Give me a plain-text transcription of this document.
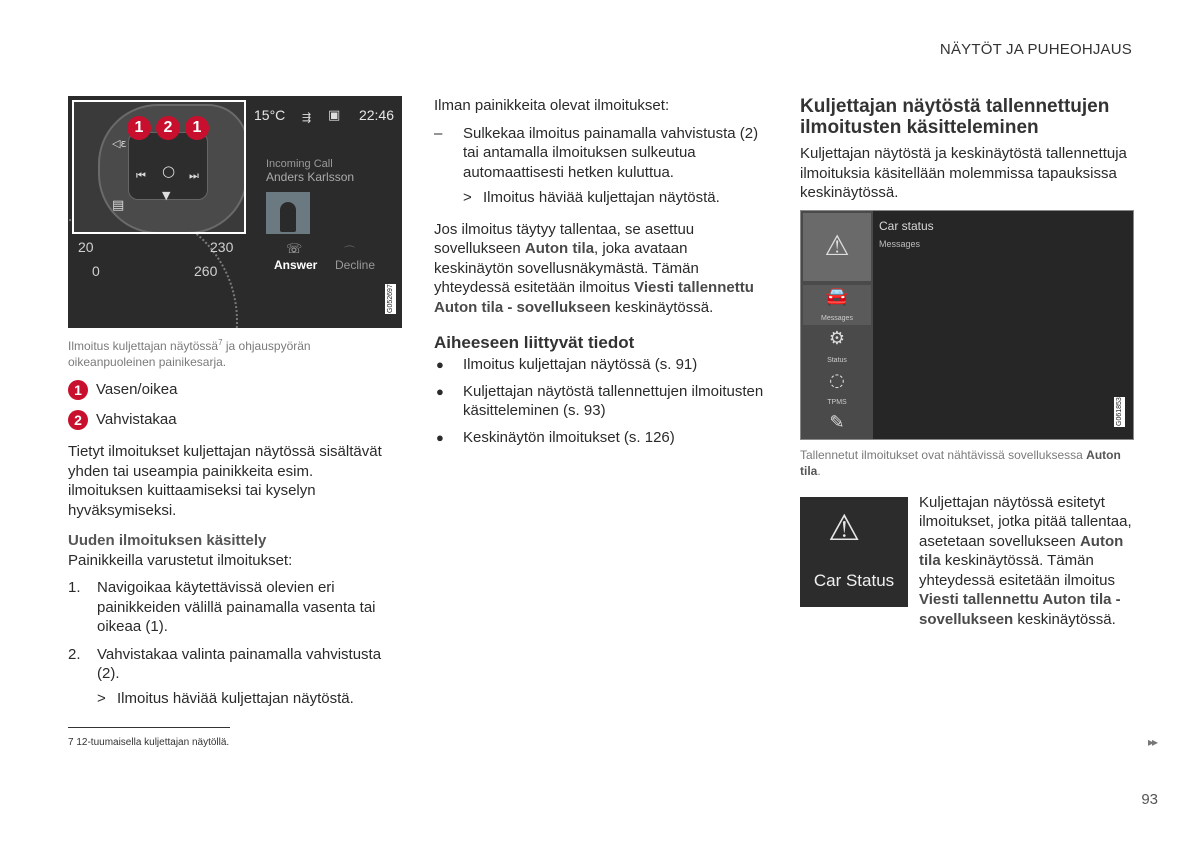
NÄYTÖT JA PUHEOHJAUS
◁ε
⏮ ○ ⏭
▼
▤
1	2	1
15°C ⇶ ▣ 22:46
Incoming Call
Anders Karlsson
☏	⌒
Answer Decline
20
0
230
260
G052697
Ilmoitus kuljettajan näytössä$^7$ ja ohjauspyörän oikeanpuoleinen painikesarja.
1 Vasen/oikea
2 Vahvistakaa

Tietyt ilmoitukset kuljettajan näytössä sisältävät yhden tai useampia painikkeita esim. ilmoituksen kuittaamiseksi tai kyselyn hyväksymiseksi.

Uuden ilmoituksen käsittely
Painikkeilla varustetut ilmoitukset:
1. Navigoikaa käytettävissä olevien eri painikkeiden välillä painamalla vasenta tai oikeaa (1).
2. Vahvistakaa valinta painamalla vahvistusta (2).
> Ilmoitus häviää kuljettajan näytöstä.
Ilman painikkeita olevat ilmoitukset:
– Sulkekaa ilmoitus painamalla vahvistusta (2) tai antamalla ilmoituksen sulkeutua automaattisesti hetken kuluttua.
> Ilmoitus häviää kuljettajan näytöstä.

Jos ilmoitus täytyy tallentaa, se asettuu sovellukseen Auton tila, joka avataan keskinäytön sovellusnäkymästä. Tämän yhteydessä esitetään ilmoitus Viesti tallennettu Auton tila - sovellukseen keskinäytössä.

Aiheeseen liittyvät tiedot
● Ilmoitus kuljettajan näytössä (s. 91)
● Kuljettajan näytöstä tallennettujen ilmoitusten käsitteleminen (s. 93)
● Keskinäytön ilmoitukset (s. 126)
Kuljettajan näytöstä tallennettujen ilmoitusten käsitteleminen

Kuljettajan näytöstä ja keskinäytöstä tallennettuja ilmoituksia käsitellään molemmissa tapauksissa keskinäytössä.

⚠
🚘
Messages
⚙
Status
◌
TPMS
✎
Car status
Messages
G061853
Tallennetut ilmoitukset ovat nähtävissä sovelluksessa Auton tila.
⚠
Car Status

Kuljettajan näytössä esitetyt ilmoitukset, jotka pitää tallentaa, asetetaan sovellukseen Auton tila keskinäytössä. Tämän yhteydessä esitetään ilmoitus Viesti tallennettu Auton tila - sovellukseen keskinäytössä.

7 12-tuumaisella kuljettajan näytöllä.	▸▸
93
